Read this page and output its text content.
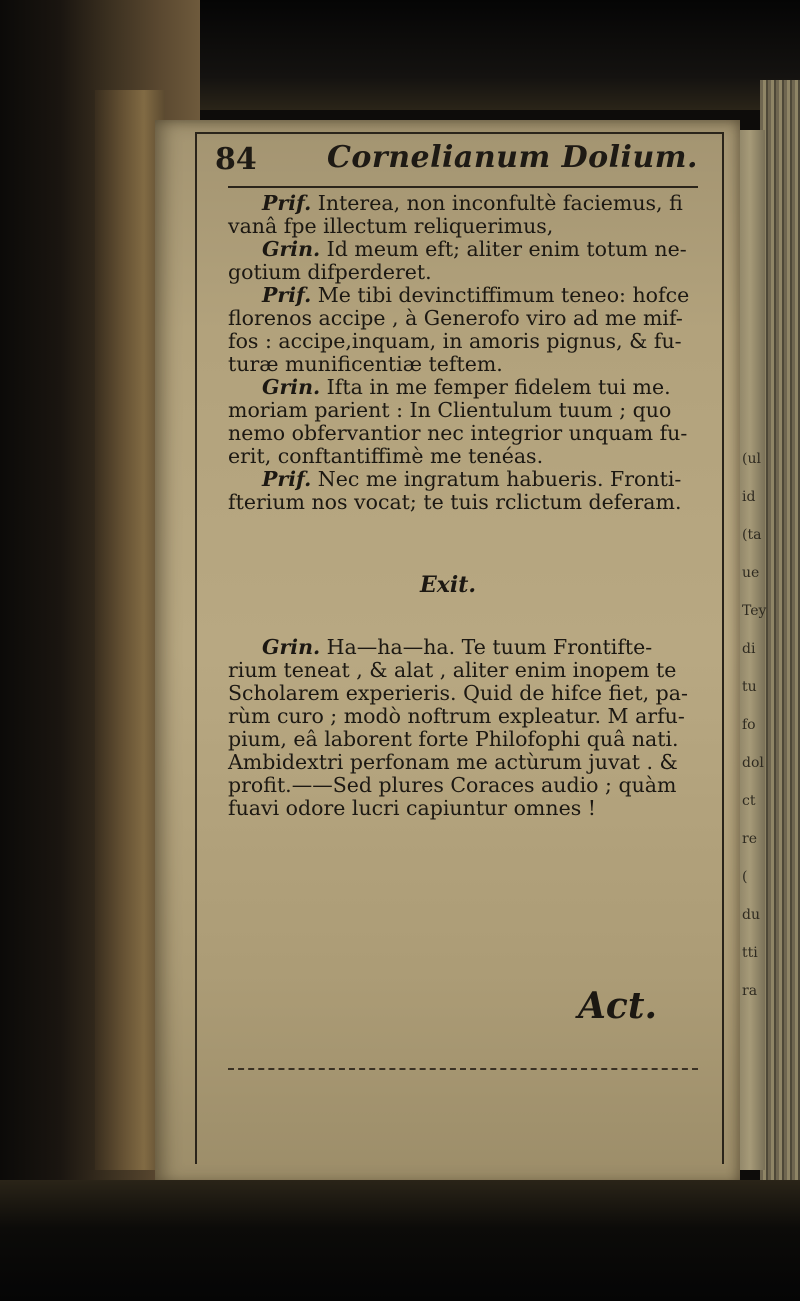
(ul
id
(ta
ue
Tey
di
tu
fo
dol
ct
re
(
du
tti
ra
84 Cornelianum Dolium.
Prif. Interea, non inconfultè faciemus, fi
vanâ fpe illectum reliquerimus,
Grin. Id meum eft; aliter enim totum ne-
gotium difperderet.
Prif. Me tibi devinctiffimum teneo: hofce
florenos accipe , à Generofo viro ad me mif-
fos : accipe,inquam, in amoris pignus, & fu-
turæ munificentiæ teftem.
Grin. Ifta in me femper fidelem tui me.
moriam parient : In Clientulum tuum ; quo
nemo obfervantior nec integrior unquam fu-
erit, conftantiffimè me tenéas.
Prif. Nec me ingratum habueris. Fronti-
fterium nos vocat; te tuis rclictum deferam.
Exit.
Grin. Ha—ha—ha. Te tuum Frontifte-
rium teneat , & alat , aliter enim inopem te
Scholarem experieris. Quid de hifce fiet, pa-
rùm curo ; modò noftrum expleatur. M arfu-
pium, eâ laborent forte Philofophi quâ nati.
Ambidextri perfonam me actùrum juvat . &
profit.——Sed plures Coraces audio ; quàm
fuavi odore lucri capiuntur omnes !
Act.
